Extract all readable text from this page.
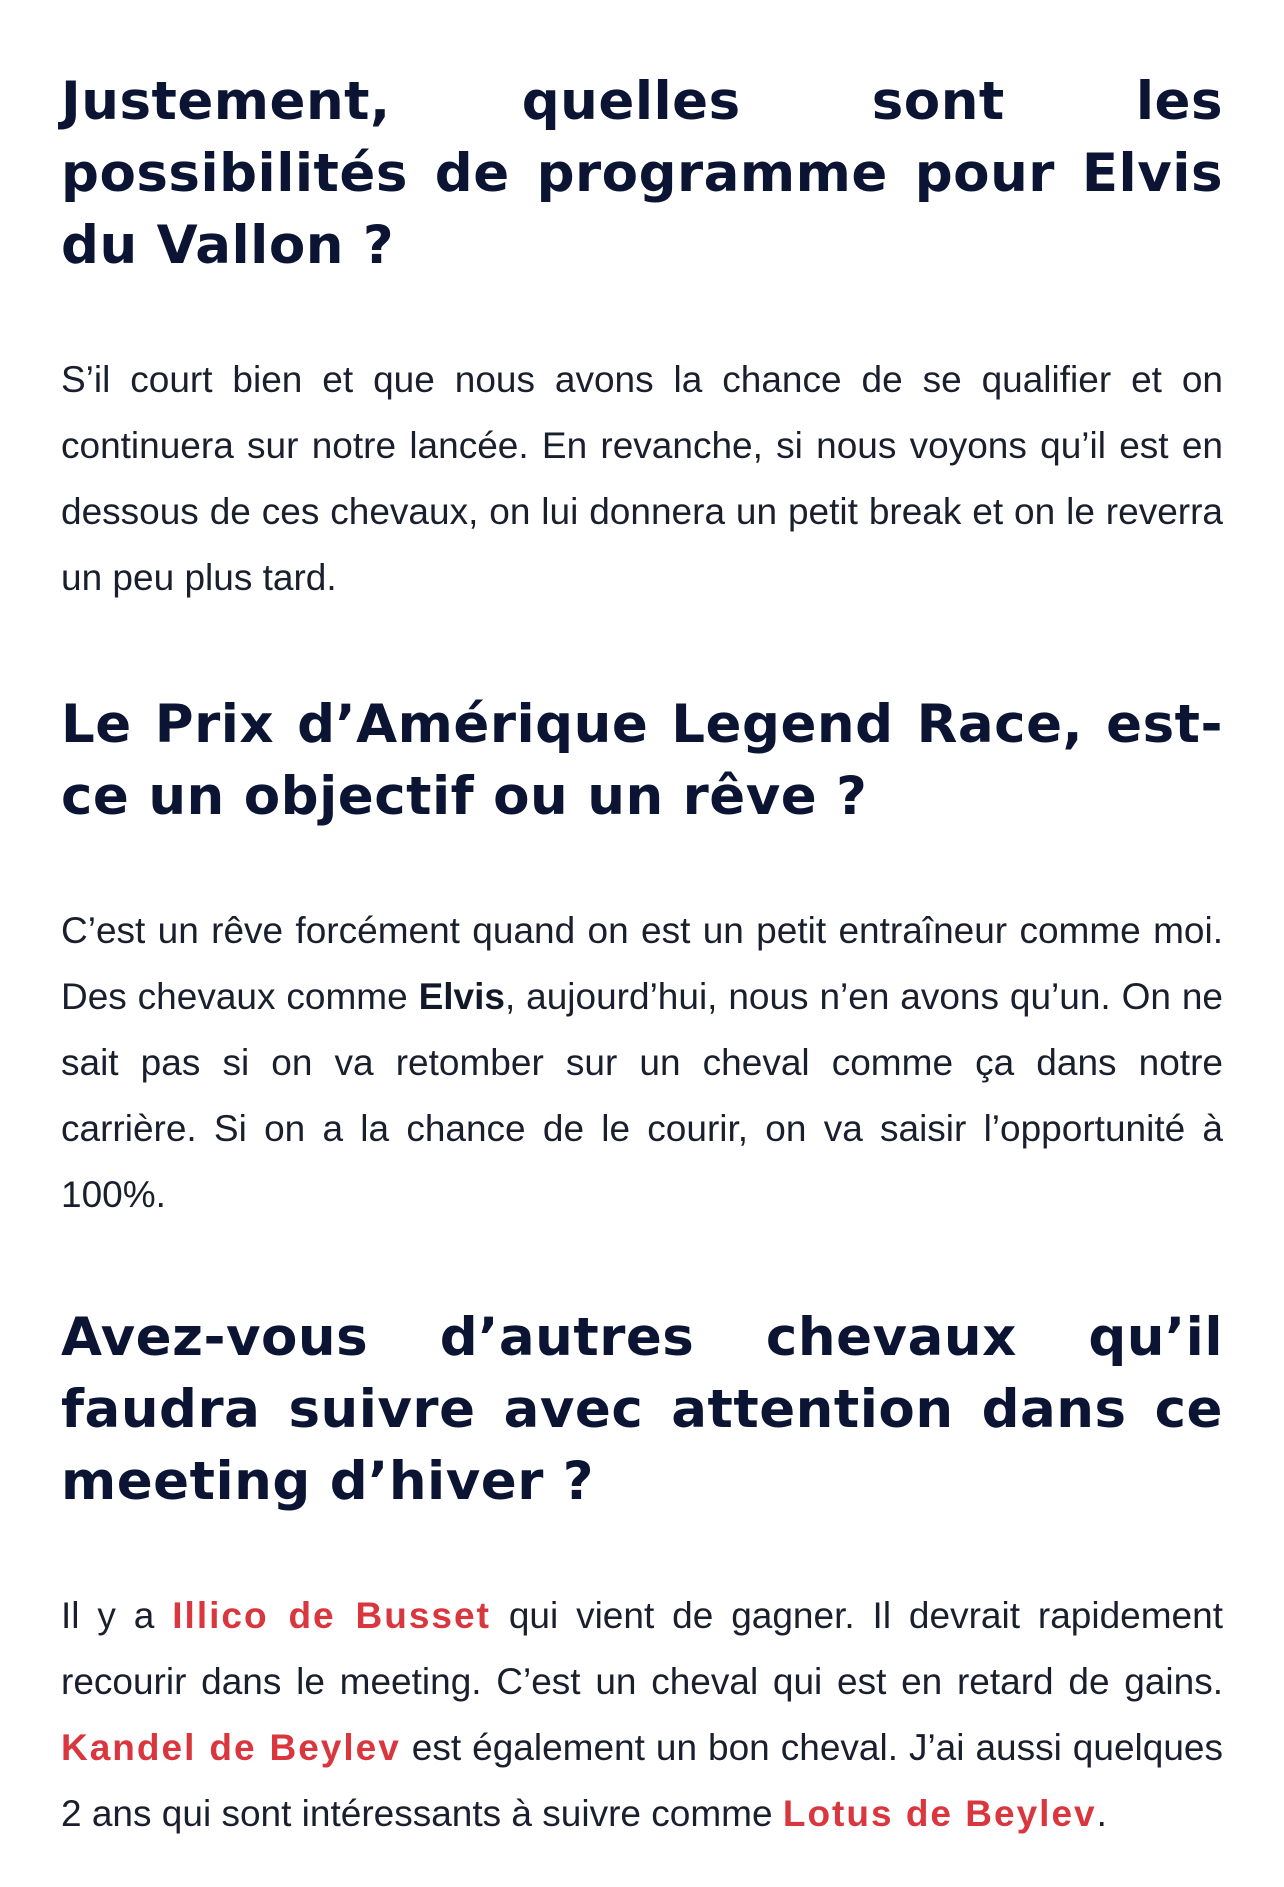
Justement, quelles sont les possibilités de programme pour Elvis du Vallon ?

S’il court bien et que nous avons la chance de se qualifier et on continuera sur notre lancée. En revanche, si nous voyons qu’il est en dessous de ces chevaux, on lui donnera un petit break et on le reverra un peu plus tard.

Le Prix d’Amérique Legend Race, est-ce un objectif ou un rêve ?

C’est un rêve forcément quand on est un petit entraîneur comme moi. Des chevaux comme Elvis, aujourd’hui, nous n’en avons qu’un. On ne sait pas si on va retomber sur un cheval comme ça dans notre carrière. Si on a la chance de le courir, on va saisir l’opportunité à 100%.

Avez-vous d’autres chevaux qu’il faudra suivre avec attention dans ce meeting d’hiver ?

Il y a Illico de Busset qui vient de gagner. Il devrait rapidement recourir dans le meeting. C’est un cheval qui est en retard de gains. Kandel de Beylev est également un bon cheval. J’ai aussi quelques 2 ans qui sont intéressants à suivre comme Lotus de Beylev.
